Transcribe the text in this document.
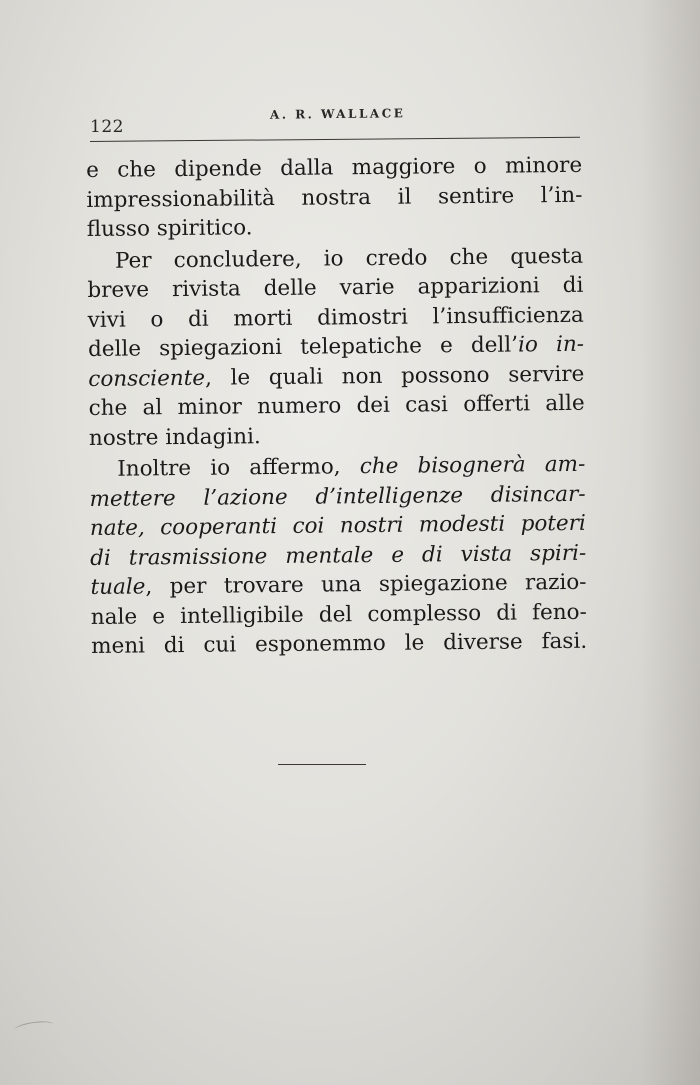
122
A. R. WALLACE
e che dipende dalla maggiore o minore
impressionabilità nostra il sentire l’in-
flusso spiritico.
Per concludere, io credo che questa
breve rivista delle varie apparizioni di
vivi o di morti dimostri l’insufficienza
delle spiegazioni telepatiche e dell’io in-
consciente, le quali non possono servire
che al minor numero dei casi offerti alle
nostre indagini.
Inoltre io affermo, che bisognerà am-
mettere l’azione d’intelligenze disincar-
nate, cooperanti coi nostri modesti poteri
di trasmissione mentale e di vista spiri-
tuale, per trovare una spiegazione razio-
nale e intelligibile del complesso di feno-
meni di cui esponemmo le diverse fasi.
